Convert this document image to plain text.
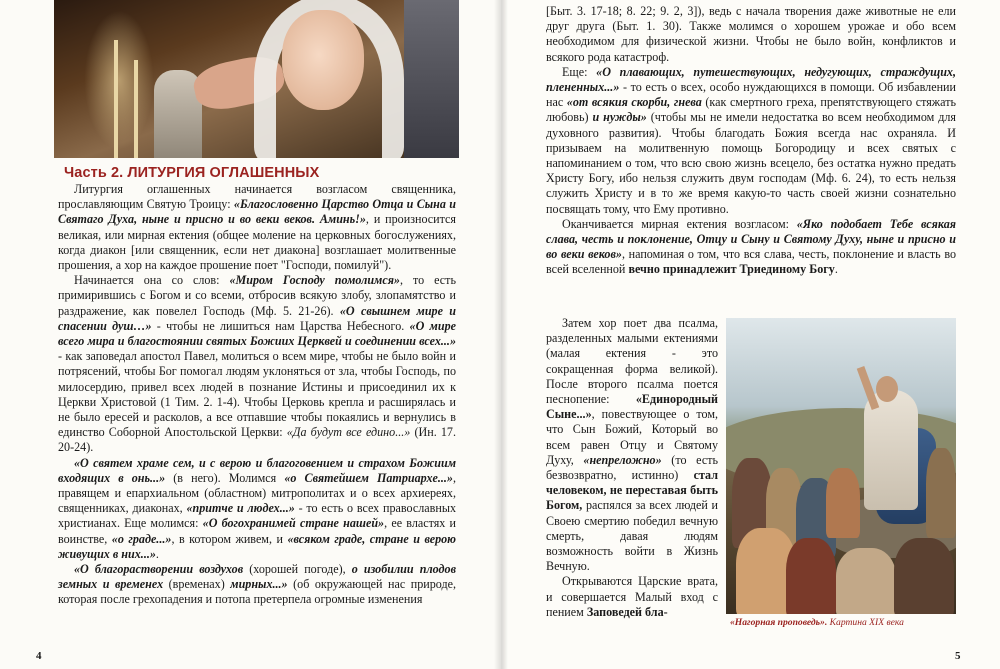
Часть 2. ЛИТУРГИЯ ОГЛАШЕННЫХ

Литургия оглашенных начинается возгласом священника, прославляющим Святую Троицу: «Благословенно Царство Отца и Сына и Святаго Духа, ныне и присно и во веки веков. Аминь!», и произносится великая, или мирная ектения (общее моление на церковных богослужениях, когда диакон [или священник, если нет диакона] возглашает молитвенные прошения, а хор на каждое прошение поет "Господи, помилуй").

Начинается она со слов: «Миром Господу помолимся», то есть примирившись с Богом и со всеми, отбросив всякую злобу, злопамятство и раздражение, как повелел Господь (Мф. 5. 21-26). «О свышнем мире и спасении душ…» - чтобы не лишиться нам Царства Небесного. «О мире всего мира и благостоянии святых Божиих Церквей и соединении всех...» - как заповедал апостол Павел, молиться о всем мире, чтобы не было войн и потрясений, чтобы Бог помогал людям уклоняться от зла, чтобы Господь, по милосердию, привел всех людей в познание Истины и присоединил их к Церкви Христовой (1 Тим. 2. 1-4). Чтобы Церковь крепла и расширялась и не было ересей и расколов, а все отпавшие чтобы покаялись и вернулись в единство Соборной Апостольской Церкви: «Да будут все едино...» (Ин. 17. 20-24).

«О святем храме сем, и с верою и благоговением и страхом Божиим входящих в онь...» (в него). Молимся «о Святейшем Патриархе...», правящем и епархиальном (областном) митрополитах и о всех архиереях, священниках, диаконах, «притче и людех...» - то есть о всех православных христианах. Еще молимся: «О богохранимей стране нашей», ее властях и воинстве, «о граде...», в котором живем, и «всяком граде, стране и верою живущих в них...».

«О благорастворении воздухов (хорошей погоде), о изобилии плодов земных и временех (временах) мирных...» (об окружающей нас природе, которая после грехопадения и потопа претерпела огромные изменения

4

[Быт. 3. 17-18; 8. 22; 9. 2, 3]), ведь с начала творения даже животные не ели друг друга (Быт. 1. 30). Также молимся о хорошем урожае и обо всем необходимом для физической жизни. Чтобы не было войн, конфликтов и всякого рода катастроф.

Еще: «О плавающих, путешествующих, недугующих, страждущих, плененных...» - то есть о всех, особо нуждающихся в помощи. Об избавлении нас «от всякия скорби, гнева (как смертного греха, препятствующего стяжать любовь) и нужды» (чтобы мы не имели недостатка во всем необходимом для духовного развития). Чтобы благодать Божия всегда нас охраняла. И призываем на молитвенную помощь Богородицу и всех святых с напоминанием о том, что всю свою жизнь всецело, без остатка нужно предать Христу Богу, ибо нельзя служить двум господам (Мф. 6. 24), то есть нельзя служить Христу и в то же время какую-то часть своей жизни сознательно посвящать тому, что Ему противно.

Оканчивается мирная ектения возгласом: «Яко подобает Тебе всякая слава, честь и поклонение, Отцу и Сыну и Святому Духу, ныне и присно и во веки веков», напоминая о том, что вся слава, честь, поклонение и власть во всей вселенной вечно принадлежит Триединому Богу.

Затем хор поет два псалма, разделенных малыми ектениями (малая ектения - это сокращенная форма великой). После второго псалма поется песнопение: «Единородный Сыне...», повествующее о том, что Сын Божий, Который во всем равен Отцу и Святому Духу, «непреложно» (то есть безвозвратно, истинно) стал человеком, не переставая быть Богом, распялся за всех людей и Своею смертию победил вечную смерть, давая людям возможность войти в Жизнь Вечную.

Открываются Царские врата, и совершается Малый вход с пением Заповедей бла-

«Нагорная проповедь». Картина XIX века
5
